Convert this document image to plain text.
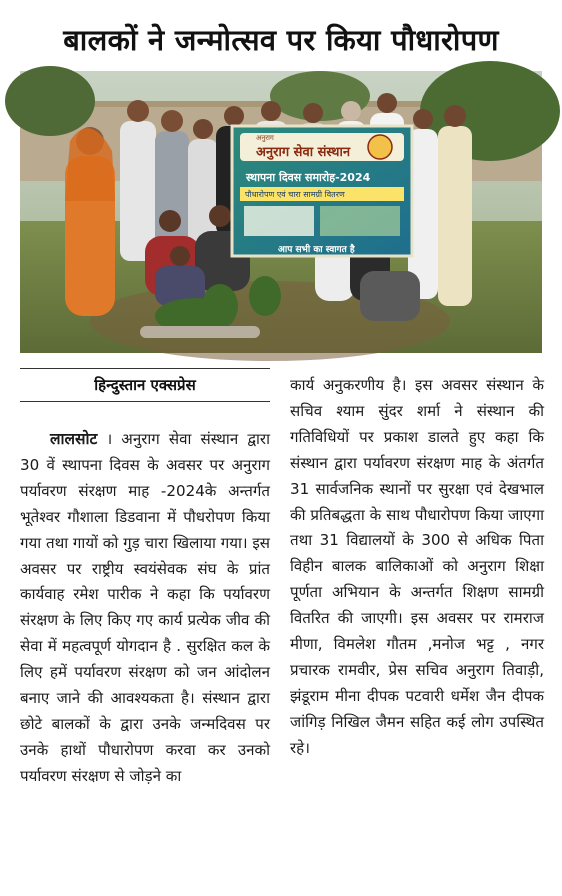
बालकों ने जन्मोत्सव पर किया पौधारोपण
अनुराग
अनुराग सेवा संस्थान
स्थापना दिवस समारोह-2024
पौधारोपण एवं चारा सामग्री वितरण
आप सभी का स्वागत है
हिन्दुस्तान एक्सप्रेस

लालसोट । अनुराग सेवा संस्थान द्वारा 30 वें स्थापना दिवस के अवसर पर अनुराग पर्यावरण संरक्षण माह -2024के अन्तर्गत भूतेश्वर गौशाला डिडवाना में पौधरोपण किया गया तथा गायों को गुड़ चारा खिलाया गया। इस अवसर पर राष्ट्रीय स्वयंसेवक संघ के प्रांत कार्यवाह रमेश पारीक ने कहा कि पर्यावरण संरक्षण के लिए किए गए कार्य प्रत्येक जीव की सेवा में महत्वपूर्ण योगदान है . सुरक्षित कल के लिए हमें पर्यावरण संरक्षण को जन आंदोलन बनाए जाने की आवश्यकता है। संस्थान द्वारा छोटे बालकों के द्वारा उनके जन्मदिवस पर उनके हाथों पौधारोपण करवा कर उनको पर्यावरण संरक्षण से जोड़ने का

कार्य अनुकरणीय है। इस अवसर संस्थान के सचिव श्याम सुंदर शर्मा ने संस्थान की गतिविधियों पर प्रकाश डालते हुए कहा कि संस्थान द्वारा पर्यावरण संरक्षण माह के अंतर्गत 31 सार्वजनिक स्थानों पर सुरक्षा एवं देखभाल की प्रतिबद्धता के साथ पौधारोपण किया जाएगा तथा 31 विद्यालयों के 300 से अधिक पिता विहीन बालक बालिकाओं को अनुराग शिक्षा पूर्णता अभियान के अन्तर्गत शिक्षण सामग्री वितरित की जाएगी। इस अवसर पर रामराज मीणा, विमलेश गौतम ,मनोज भट्ट , नगर प्रचारक रामवीर, प्रेस सचिव अनुराग तिवाड़ी, झंडूराम मीना दीपक पटवारी धर्मेश जैन दीपक जांगिड़ निखिल जैमन सहित कई लोग उपस्थित रहे।
